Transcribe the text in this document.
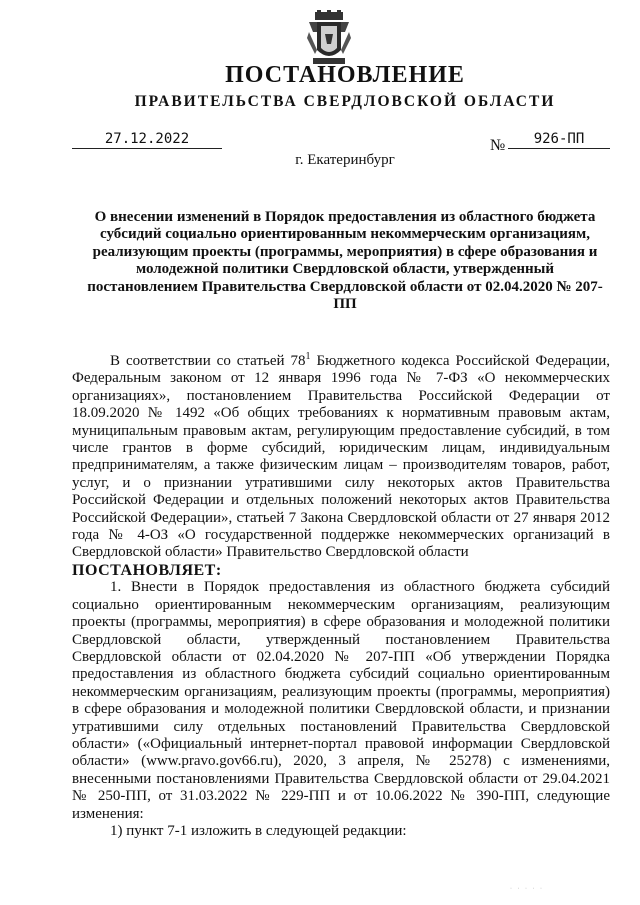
ПОСТАНОВЛЕНИЕ
ПРАВИТЕЛЬСТВА СВЕРДЛОВСКОЙ ОБЛАСТИ
27.12.2022	№	926-ПП
г. Екатеринбург
О внесении изменений в Порядок предоставления из областного бюджета субсидий социально ориентированным некоммерческим организациям, реализующим проекты (программы, мероприятия) в сфере образования и молодежной политики Свердловской области, утвержденный постановлением Правительства Свердловской области от 02.04.2020 № 207-ПП

В соответствии со статьей $78^1$ Бюджетного кодекса Российской Федерации, Федеральным законом от 12 января 1996 года № 7-ФЗ «О некоммерческих организациях», постановлением Правительства Российской Федерации от 18.09.2020 № 1492 «Об общих требованиях к нормативным правовым актам, муниципальным правовым актам, регулирующим предоставление субсидий, в том числе грантов в форме субсидий, юридическим лицам, индивидуальным предпринимателям, а также физическим лицам – производителям товаров, работ, услуг, и о признании утратившими силу некоторых актов Правительства Российской Федерации и отдельных положений некоторых актов Правительства Российской Федерации», статьей 7 Закона Свердловской области от 27 января 2012 года № 4-ОЗ «О государственной поддержке некоммерческих организаций в Свердловской области» Правительство Свердловской области

ПОСТАНОВЛЯЕТ:

1. Внести в Порядок предоставления из областного бюджета субсидий социально ориентированным некоммерческим организациям, реализующим проекты (программы, мероприятия) в сфере образования и молодежной политики Свердловской области, утвержденный постановлением Правительства Свердловской области от 02.04.2020 № 207-ПП «Об утверждении Порядка предоставления из областного бюджета субсидий социально ориентированным некоммерческим организациям, реализующим проекты (программы, мероприятия) в сфере образования и молодежной политики Свердловской области, и признании утратившими силу отдельных постановлений Правительства Свердловской области» («Официальный интернет-портал правовой информации Свердловской области» (www.pravo.gov66.ru), 2020, 3 апреля, № 25278) с изменениями, внесенными постановлениями Правительства Свердловской области от 29.04.2021 № 250-ПП, от 31.03.2022 № 229-ПП и от 10.06.2022 № 390-ПП, следующие изменения:

1) пункт 7-1 изложить в следующей редакции:

· · · · ·
